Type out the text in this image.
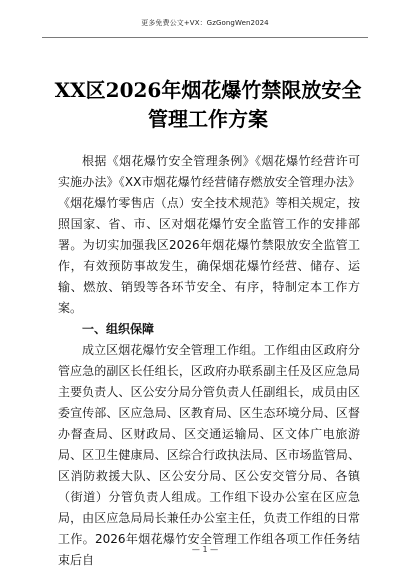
更多免费公文+VX：GzGongWen2024
XX区2026年烟花爆竹禁限放安全管理工作方案

根据《烟花爆竹安全管理条例》《烟花爆竹经营许可实施办法》《XX市烟花爆竹经营储存燃放安全管理办法》《烟花爆竹零售店（点）安全技术规范》等相关规定，按照国家、省、市、区对烟花爆竹安全监管工作的安排部署。为切实加强我区2026年烟花爆竹禁限放安全监管工作，有效预防事故发生，确保烟花爆竹经营、储存、运输、燃放、销毁等各环节安全、有序，特制定本工作方案。

一、组织保障

成立区烟花爆竹安全管理工作组。工作组由区政府分管应急的副区长任组长，区政府办联系副主任及区应急局主要负责人、区公安分局分管负责人任副组长，成员由区委宣传部、区应急局、区教育局、区生态环境分局、区督办督查局、区财政局、区交通运输局、区文体广电旅游局、区卫生健康局、区综合行政执法局、区市场监管局、区消防救援大队、区公安分局、区公安交管分局、各镇（街道）分管负责人组成。工作组下设办公室在区应急局，由区应急局局长兼任办公室主任，负责工作组的日常工作。2026年烟花爆竹安全管理工作组各项工作任务结束后自

— 1 —
